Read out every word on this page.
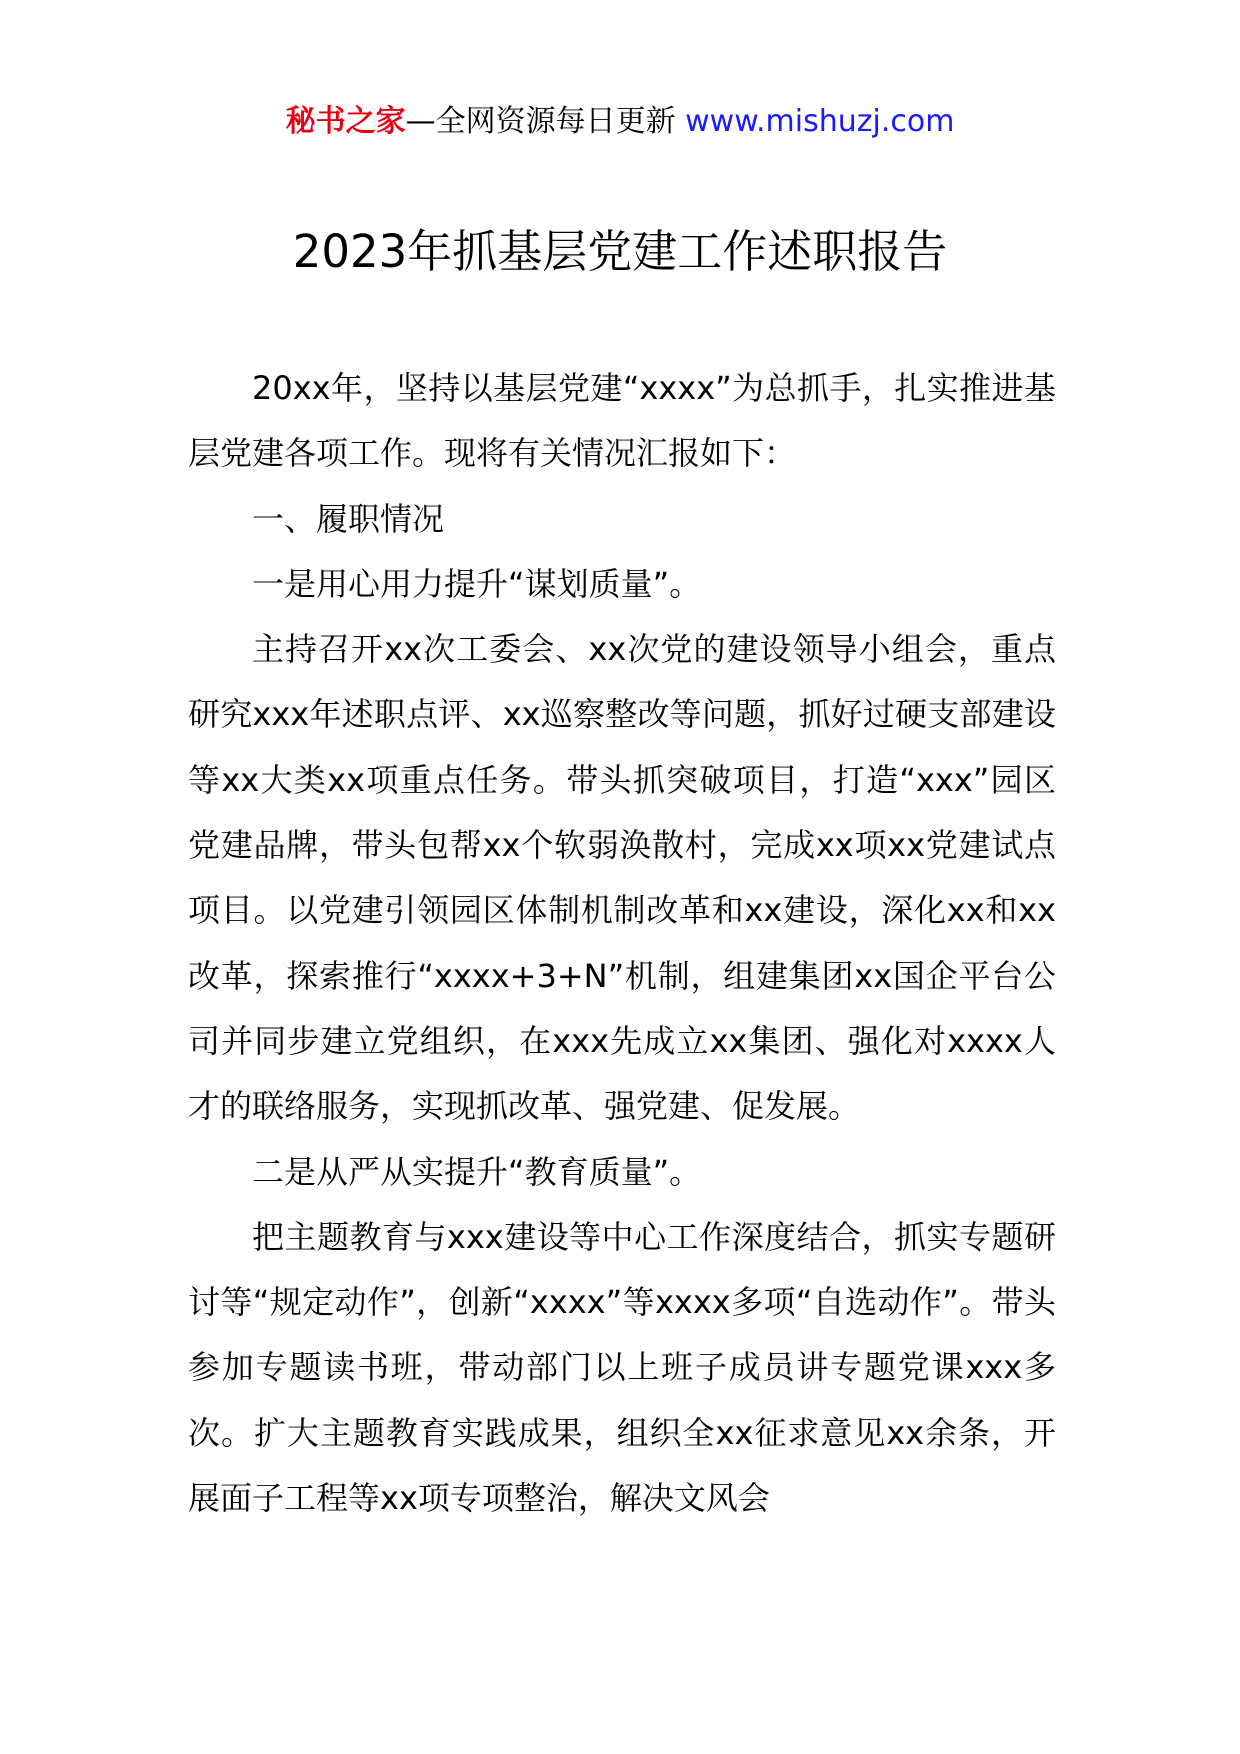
秘书之家—全网资源每日更新 www.mishuzj.com
2023年抓基层党建工作述职报告

20xx年，坚持以基层党建“xxxx”为总抓手，扎实推进基层党建各项工作。现将有关情况汇报如下：

一、履职情况

一是用心用力提升“谋划质量”。

主持召开xx次工委会、xx次党的建设领导小组会，重点研究xxx年述职点评、xx巡察整改等问题，抓好过硬支部建设等xx大类xx项重点任务。带头抓突破项目，打造“xxx”园区党建品牌，带头包帮xx个软弱涣散村，完成xx项xx党建试点项目。以党建引领园区体制机制改革和xx建设，深化xx和xx改革，探索推行“xxxx+3+N”机制，组建集团xx国企平台公司并同步建立党组织，在xxx先成立xx集团、强化对xxxx人才的联络服务，实现抓改革、强党建、促发展。

二是从严从实提升“教育质量”。

把主题教育与xxx建设等中心工作深度结合，抓实专题研讨等“规定动作”，创新“xxxx”等xxxx多项“自选动作”。带头参加专题读书班，带动部门以上班子成员讲专题党课xxx多次。扩大主题教育实践成果，组织全xx征求意见xx余条，开展面子工程等xx项专项整治，解决文风会
